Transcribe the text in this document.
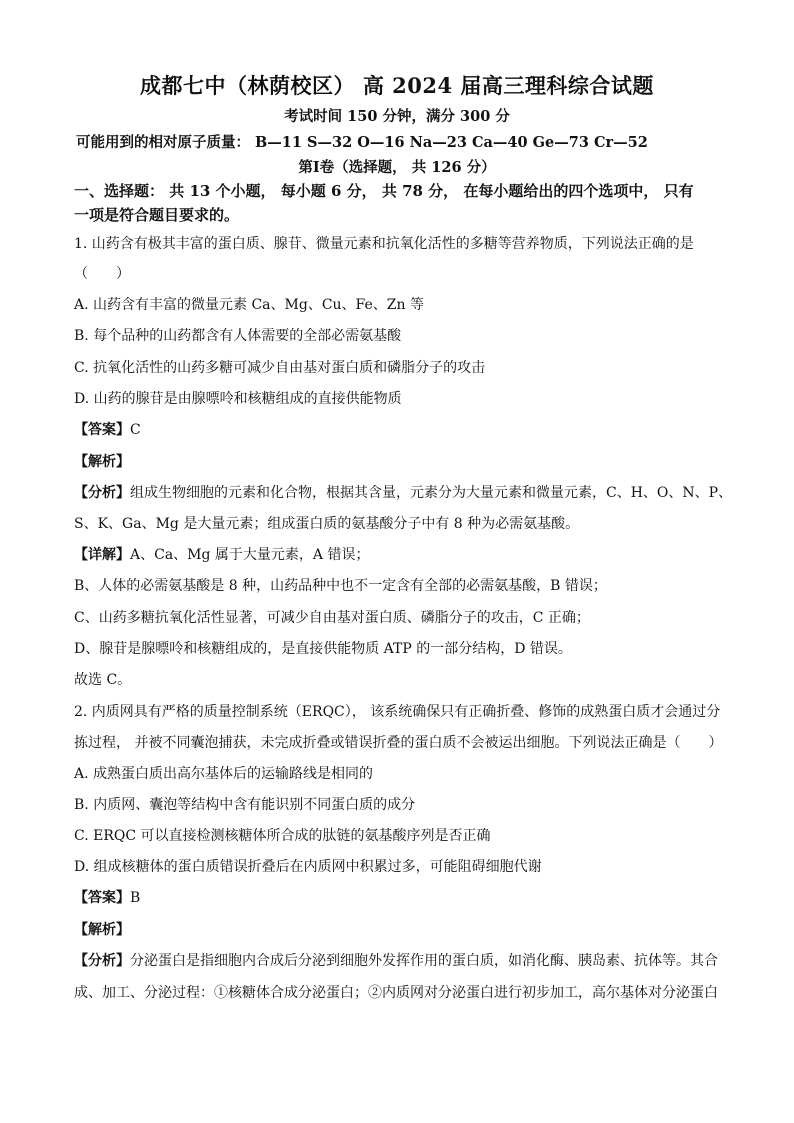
成都七中（林荫校区） 高 2024 届高三理科综合试题
考试时间 150 分钟，满分 300 分
可能用到的相对原子质量： B—11 S—32 O—16 Na—23 Ca—40 Ge—73 Cr—52
第Ⅰ卷（选择题， 共 126 分）
一、选择题： 共 13 个小题， 每小题 6 分， 共 78 分， 在每小题给出的四个选项中， 只有
一项是符合题目要求的。
1. 山药含有极其丰富的蛋白质、腺苷、微量元素和抗氧化活性的多糖等营养物质，下列说法正确的是
（　　）
A. 山药含有丰富的微量元素 Ca、Mg、Cu、Fe、Zn 等
B. 每个品种的山药都含有人体需要的全部必需氨基酸
C. 抗氧化活性的山药多糖可减少自由基对蛋白质和磷脂分子的攻击
D. 山药的腺苷是由腺嘌呤和核糖组成的直接供能物质
【答案】C
【解析】
【分析】组成生物细胞的元素和化合物，根据其含量，元素分为大量元素和微量元素，C、H、O、N、P、
S、K、Ga、Mg 是大量元素；组成蛋白质的氨基酸分子中有 8 种为必需氨基酸。
【详解】A、Ca、Mg 属于大量元素，A 错误；
B、人体的必需氨基酸是 8 种，山药品种中也不一定含有全部的必需氨基酸，B 错误；
C、山药多糖抗氧化活性显著，可减少自由基对蛋白质、磷脂分子的攻击，C 正确；
D、腺苷是腺嘌呤和核糖组成的，是直接供能物质 ATP 的一部分结构，D 错误。
故选 C。
2. 内质网具有严格的质量控制系统（ERQC）， 该系统确保只有正确折叠、修饰的成熟蛋白质才会通过分
拣过程， 并被不同囊泡捕获，未完成折叠或错误折叠的蛋白质不会被运出细胞。下列说法正确是（　　）
A. 成熟蛋白质出高尔基体后的运输路线是相同的
B. 内质网、囊泡等结构中含有能识别不同蛋白质的成分
C. ERQC 可以直接检测核糖体所合成的肽链的氨基酸序列是否正确
D. 组成核糖体的蛋白质错误折叠后在内质网中积累过多，可能阻碍细胞代谢
【答案】B
【解析】
【分析】分泌蛋白是指细胞内合成后分泌到细胞外发挥作用的蛋白质，如消化酶、胰岛素、抗体等。其合
成、加工、分泌过程：①核糖体合成分泌蛋白；②内质网对分泌蛋白进行初步加工，高尔基体对分泌蛋白
